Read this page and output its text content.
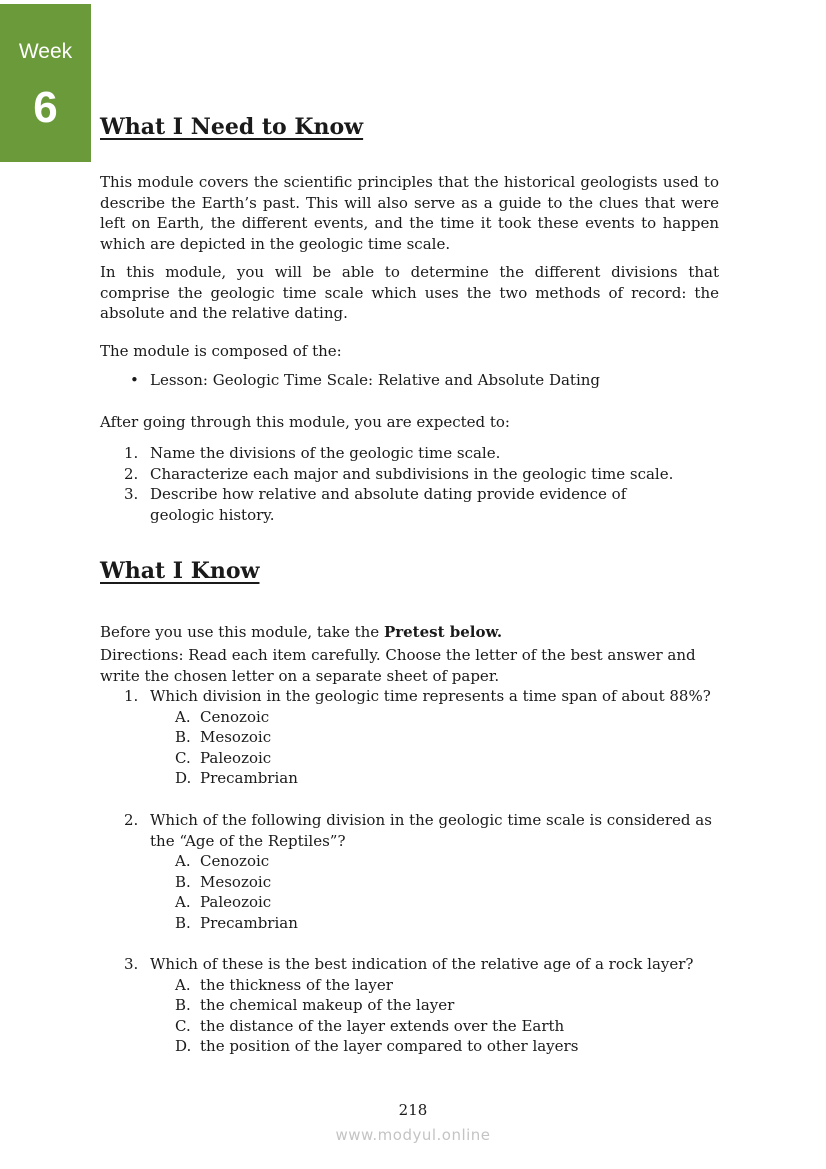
Week
6	What I Need to Know

This module covers the scientific principles that the historical geologists used to describe the Earth’s past. This will also serve as a guide to the clues that were left on Earth, the different events, and the time it took these events to happen which are depicted in the geologic time scale.

In this module, you will be able to determine the different divisions that comprise the geologic time scale which uses the two methods of record: the absolute and the relative dating.

The module is composed of the:

• Lesson: Geologic Time Scale: Relative and Absolute Dating

After going through this module, you are expected to:

1. Name the divisions of the geologic time scale.
2. Characterize each major and subdivisions in the geologic time scale.
3. Describe how relative and absolute dating provide evidence of geologic history.
What I Know

Before you use this module, take the Pretest below.

Directions: Read each item carefully. Choose the letter of the best answer and write the chosen letter on a separate sheet of paper.

1. Which division in the geologic time represents a time span of about 88%?

A. Cenozoic
B. Mesozoic
C. Paleozoic
D. Precambrian

2. Which of the following division in the geologic time scale is considered as the “Age of the Reptiles”?

A. Cenozoic
B. Mesozoic
A. Paleozoic
B. Precambrian

3. Which of these is the best indication of the relative age of a rock layer?

A. the thickness of the layer
B. the chemical makeup of the layer
C. the distance of the layer extends over the Earth
D. the position of the layer compared to other layers
218
www.modyul.online
